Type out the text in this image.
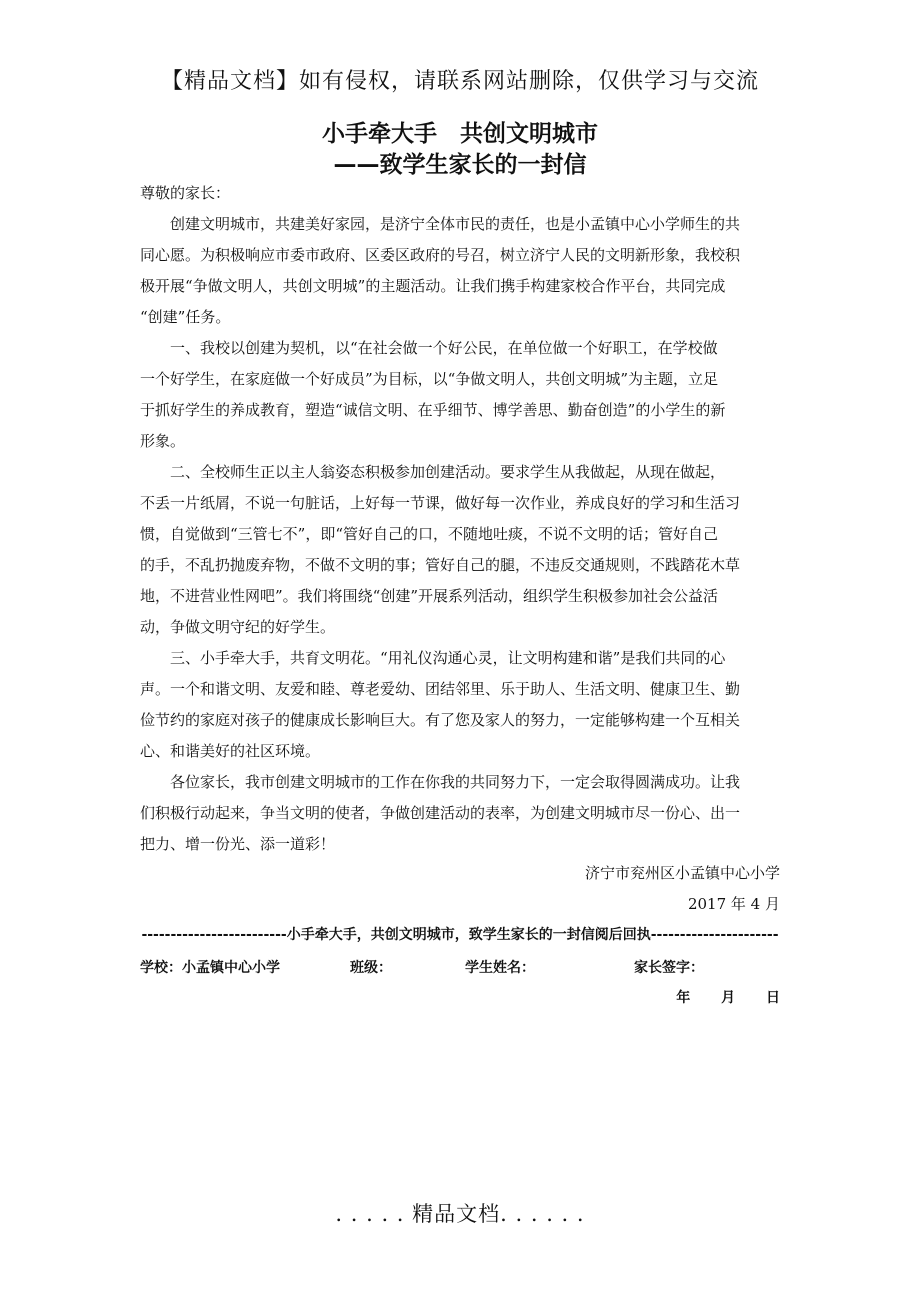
【精品文档】如有侵权，请联系网站删除，仅供学习与交流
小手牵大手　共创文明城市
——致学生家长的一封信
尊敬的家长：
　　创建文明城市，共建美好家园，是济宁全体市民的责任，也是小孟镇中心小学师生的共
同心愿。为积极响应市委市政府、区委区政府的号召，树立济宁人民的文明新形象，我校积
极开展“争做文明人，共创文明城”的主题活动。让我们携手构建家校合作平台，共同完成
“创建”任务。
　　一、我校以创建为契机，以“在社会做一个好公民，在单位做一个好职工，在学校做
一个好学生，在家庭做一个好成员”为目标，以“争做文明人，共创文明城”为主题，立足
于抓好学生的养成教育，塑造“诚信文明、在乎细节、博学善思、勤奋创造”的小学生的新
形象。
　　二、全校师生正以主人翁姿态积极参加创建活动。要求学生从我做起，从现在做起，
不丢一片纸屑，不说一句脏话，上好每一节课，做好每一次作业，养成良好的学习和生活习
惯，自觉做到“三管七不”，即“管好自己的口，不随地吐痰，不说不文明的话；管好自己
的手，不乱扔抛废弃物，不做不文明的事；管好自己的腿，不违反交通规则，不践踏花木草
地，不进营业性网吧”。我们将围绕“创建”开展系列活动，组织学生积极参加社会公益活
动，争做文明守纪的好学生。
　　三、小手牵大手，共育文明花。“用礼仪沟通心灵，让文明构建和谐”是我们共同的心
声。一个和谐文明、友爱和睦、尊老爱幼、团结邻里、乐于助人、生活文明、健康卫生、勤
俭节约的家庭对孩子的健康成长影响巨大。有了您及家人的努力，一定能够构建一个互相关
心、和谐美好的社区环境。
　　各位家长，我市创建文明城市的工作在你我的共同努力下，一定会取得圆满成功。让我
们积极行动起来，争当文明的使者，争做创建活动的表率，为创建文明城市尽一份心、出一
把力、增一份光、添一道彩！
济宁市兖州区小孟镇中心小学
2017 年 4 月
-------------------------小手牵大手，共创文明城市，致学生家长的一封信阅后回执----------------------
学校：小孟镇中心小学	班级：	学生姓名：	家长签字：
年 月 日
. . . . . 精品文档. . . . . .
